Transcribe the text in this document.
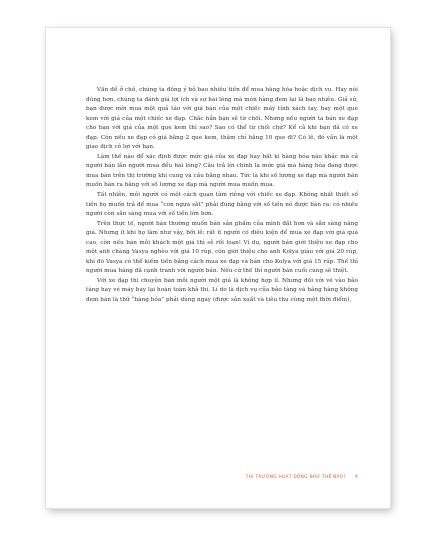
Vấn đề ở chỗ, chúng ta đồng ý bỏ bao nhiêu tiền để mua hàng hóa hoặc dịch vụ. Hay nói đúng hơn, chúng ta đánh giá lợi ích và sự hài lòng mà món hàng đem lại là bao nhiêu. Giả sử, bạn được mời mua một quả táo với giá bán của một chiếc máy tính xách tay, hay một que kem với giá của một chiếc xe đạp. Chắc hẳn bạn sẽ từ chối. Nhưng nếu người ta bán xe đạp cho bạn với giá của một que kem thì sao? Sao có thể từ chối chứ? Kể cả khi bạn đã có xe đạp. Còn nếu xe đạp có giá bằng 2 que kem, thậm chí bằng 10 que đi? Có lẽ, đó vẫn là một giao dịch có lợi với bạn.

Làm thế nào để xác định được mức giá của xe đạp hay bất kì hàng hóa nào khác mà cả người bán lẫn người mua đều hài lòng? Câu trả lời chính là mức giá mà hàng hóa đang được mua bán trên thị trường khi cung và cầu bằng nhau. Tức là khi số lượng xe đạp mà người bán muốn bán ra bằng với số lượng xe đạp mà người mua muốn mua.

Tất nhiên, mỗi người có một cách quan tâm riêng với chiếc xe đạp. Không nhất thiết số tiền họ muốn trả để mua “con ngựa sắt” phải đúng bằng với số tiền nó được bán ra: có nhiều người còn sẵn sàng mua với số tiền lớn hơn.

Trên thực tế, người bán thường muốn bán sản phẩm của mình đắt hơn và sẵn sàng nâng giá. Nhưng ít khi họ làm như vậy, bởi lẽ: rất ít người có điều kiện để mua xe đạp với giá quá cao, còn nếu bán mỗi khách một giá thì sẽ rối loạn! Ví dụ, người bán giới thiệu xe đạp cho một anh chàng Vasya nghèo với giá 10 rúp, còn giới thiệu cho anh Kolya giàu với giá 20 rúp, khi đó Vasya có thể kiếm tiền bằng cách mua xe đạp và bán cho Kolya với giá 15 rúp. Thế thì người mua hàng đã cạnh tranh với người bán. Nếu cứ thế thì người bán cuối cùng sẽ thiệt.

Với xe đạp thì chuyện bán mỗi người một giá là không hợp lí. Nhưng đối với vé vào bảo tàng hay vé máy bay lại hoàn toàn khả thi. Lí do là dịch vụ của bảo tàng và hãng hàng không đem bán là thứ “hàng hóa” phải dùng ngay (được sản xuất và tiêu thụ cùng một thời điểm),

THỊ TRƯỜNG HOẠT ĐỘNG NHƯ THẾ NÀO? 9
